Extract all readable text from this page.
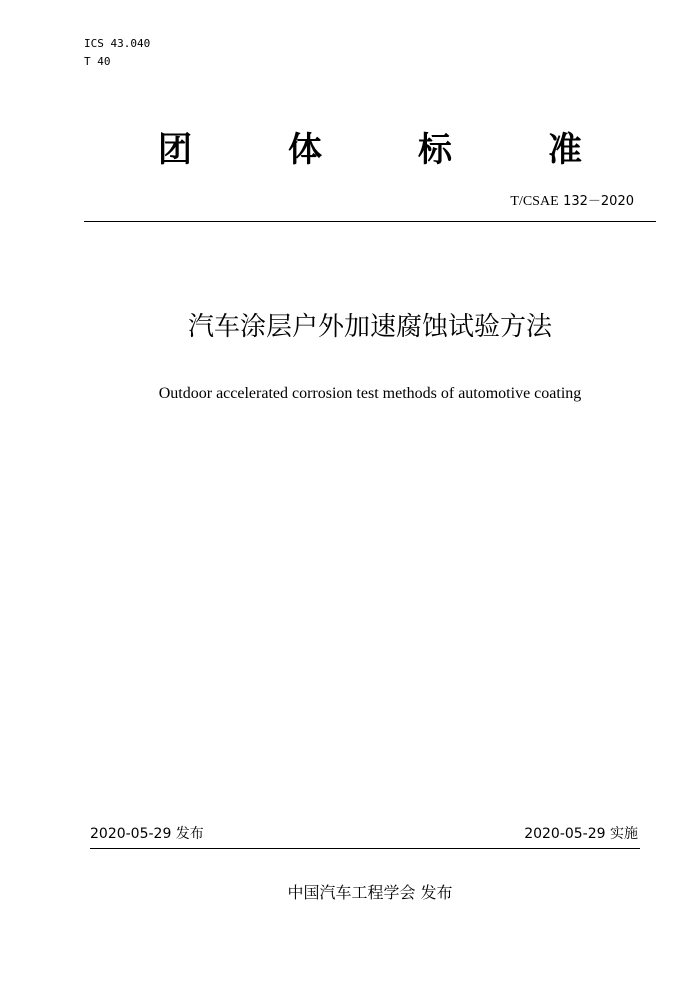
ICS 43.040
T 40
团	体	标	准
T/CSAE 132－2020
汽车涂层户外加速腐蚀试验方法
Outdoor accelerated corrosion test methods of automotive coating
2020-05-29 发布	2020-05-29 实施
中国汽车工程学会 发布
